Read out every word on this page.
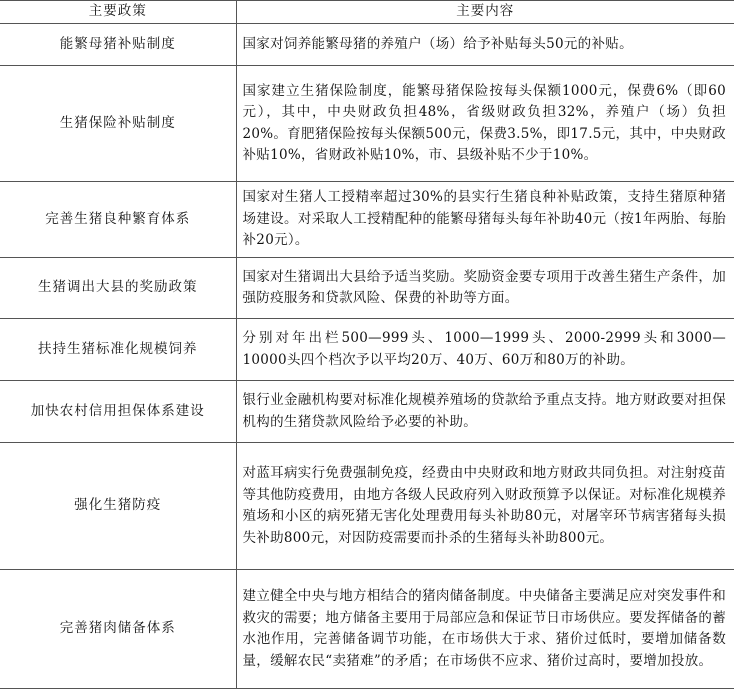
主要政策	主要内容
能繁母猪补贴制度	国家对饲养能繁母猪的养殖户（场）给予补贴每头50元的补贴。

生猪保险补贴制度	国家建立生猪保险制度，能繁母猪保险按每头保额1000元，保费6%（即60元），其中，中央财政负担48%，省级财政负担32%，养殖户（场）负担20%。育肥猪保险按每头保额500元，保费3.5%，即17.5元，其中，中央财政补贴10%，省财政补贴10%，市、县级补贴不少于10%。

完善生猪良种繁育体系	国家对生猪人工授精率超过30%的县实行生猪良种补贴政策，支持生猪原种猪场建设。对采取人工授精配种的能繁母猪每头每年补助40元（按1年两胎、每胎补20元）。

生猪调出大县的奖励政策	国家对生猪调出大县给予适当奖励。奖励资金要专项用于改善生猪生产条件，加强防疫服务和贷款风险、保费的补助等方面。

扶持生猪标准化规模饲养	分别对年出栏500—999头、1000—1999头、2000-2999头和3000—10000头四个档次予以平均20万、40万、60万和80万的补助。

加快农村信用担保体系建设	银行业金融机构要对标准化规模养殖场的贷款给予重点支持。地方财政要对担保机构的生猪贷款风险给予必要的补助。

强化生猪防疫	对蓝耳病实行免费强制免疫，经费由中央财政和地方财政共同负担。对注射疫苗等其他防疫费用，由地方各级人民政府列入财政预算予以保证。对标准化规模养殖场和小区的病死猪无害化处理费用每头补助80元，对屠宰环节病害猪每头损失补助800元，对因防疫需要而扑杀的生猪每头补助800元。

完善猪肉储备体系	建立健全中央与地方相结合的猪肉储备制度。中央储备主要满足应对突发事件和救灾的需要；地方储备主要用于局部应急和保证节日市场供应。要发挥储备的蓄水池作用，完善储备调节功能，在市场供大于求、猪价过低时，要增加储备数量，缓解农民“卖猪难”的矛盾；在市场供不应求、猪价过高时，要增加投放。
